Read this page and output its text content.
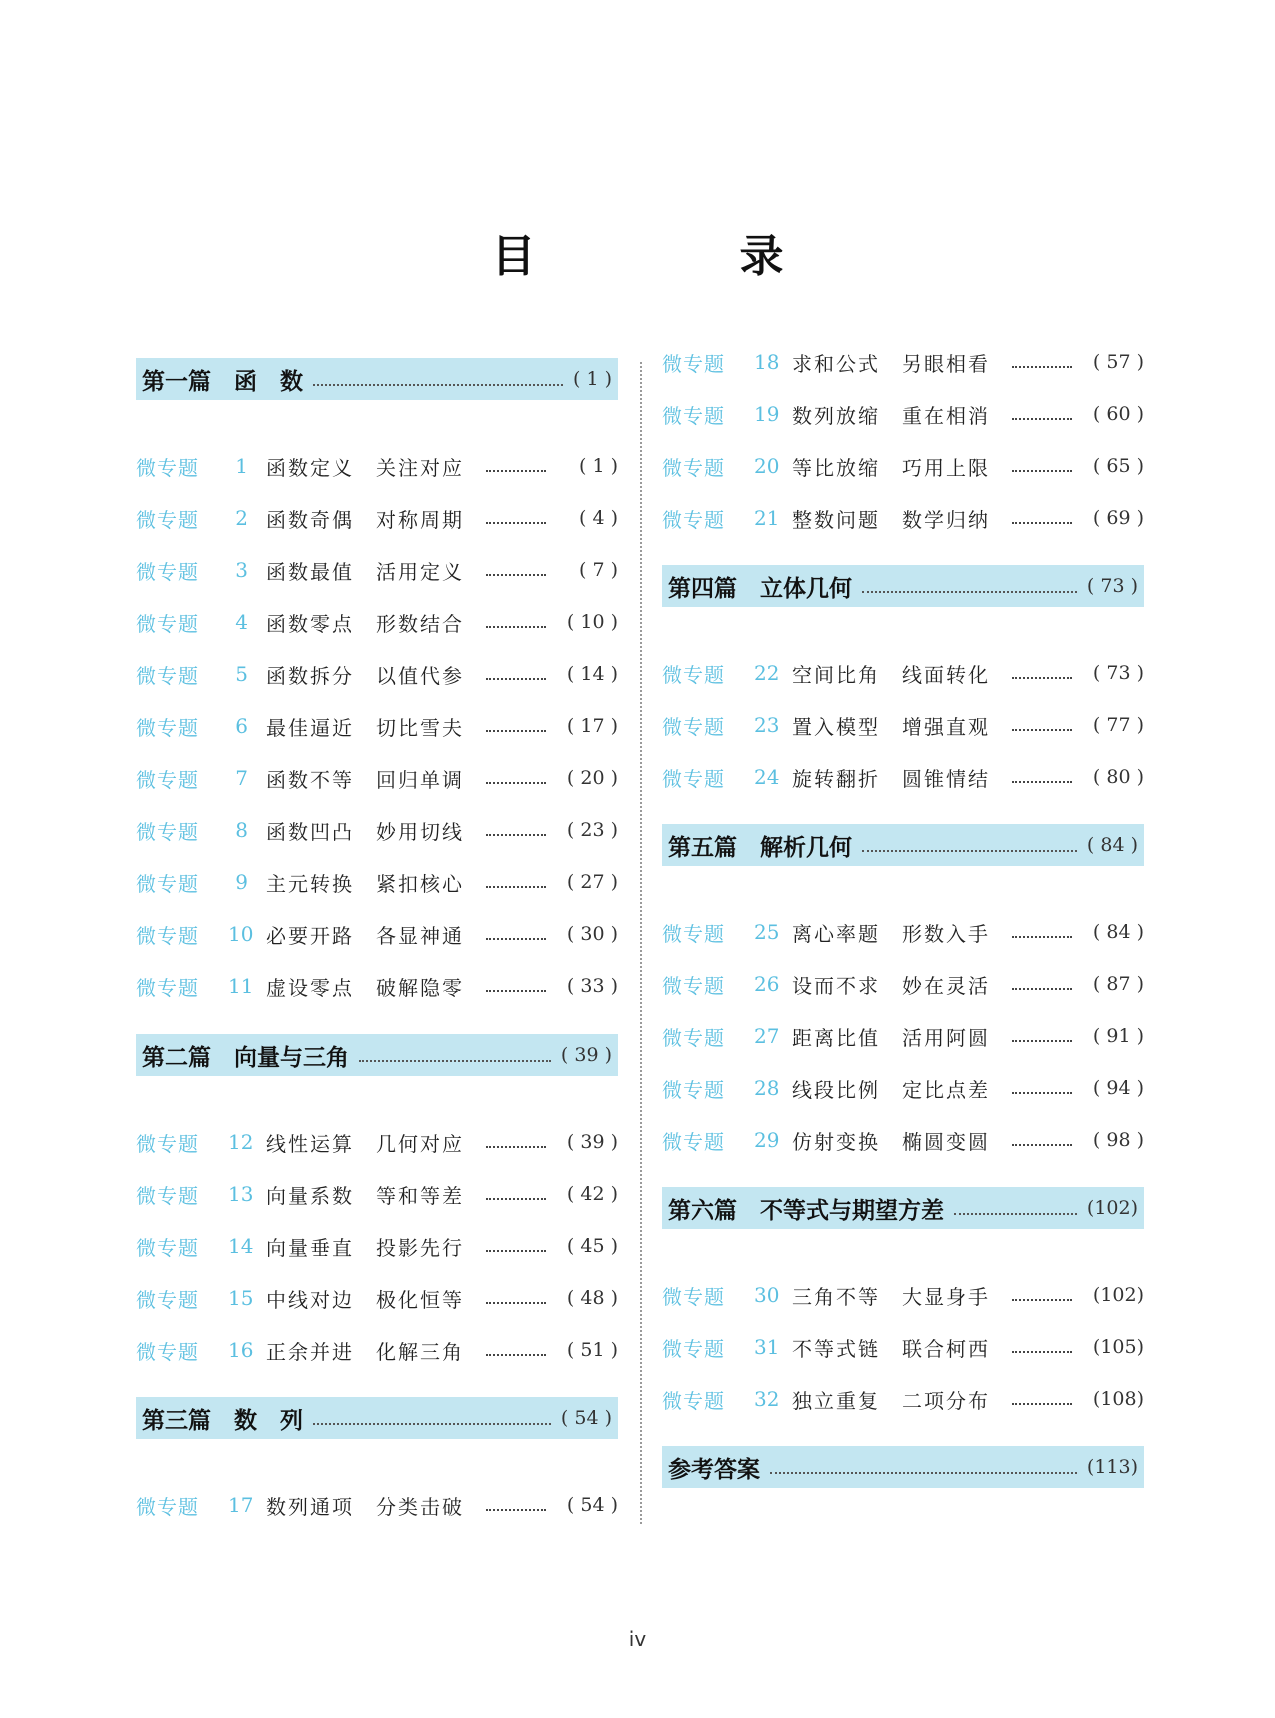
目　录
第一篇　函　数	( 1 )
微专题	1 函数定义	关注对应	( 1 )
微专题	2 函数奇偶	对称周期	( 4 )
微专题	3 函数最值	活用定义	( 7 )
微专题	4 函数零点	形数结合	( 10 )
微专题	5 函数拆分	以值代参	( 14 )
微专题	6 最佳逼近	切比雪夫	( 17 )
微专题	7 函数不等	回归单调	( 20 )
微专题	8 函数凹凸	妙用切线	( 23 )
微专题	9 主元转换	紧扣核心	( 27 )
微专题	10 必要开路	各显神通	( 30 )
微专题	11 虚设零点	破解隐零	( 33 )
第二篇　向量与三角	( 39 )
微专题	12 线性运算	几何对应	( 39 )
微专题	13 向量系数	等和等差	( 42 )
微专题	14 向量垂直	投影先行	( 45 )
微专题	15 中线对边	极化恒等	( 48 )
微专题	16 正余并进	化解三角	( 51 )
第三篇　数　列	( 54 )
微专题	17 数列通项	分类击破	( 54 )
微专题	18 求和公式	另眼相看	( 57 )
微专题	19 数列放缩	重在相消	( 60 )
微专题	20 等比放缩	巧用上限	( 65 )
微专题	21 整数问题	数学归纳	( 69 )
第四篇　立体几何	( 73 )
微专题	22 空间比角	线面转化	( 73 )
微专题	23 置入模型	增强直观	( 77 )
微专题	24 旋转翻折	圆锥情结	( 80 )
第五篇　解析几何	( 84 )
微专题	25 离心率题	形数入手	( 84 )
微专题	26 设而不求	妙在灵活	( 87 )
微专题	27 距离比值	活用阿圆	( 91 )
微专题	28 线段比例	定比点差	( 94 )
微专题	29 仿射变换	椭圆变圆	( 98 )
第六篇　不等式与期望方差	(102)
微专题	30 三角不等	大显身手	(102)
微专题	31 不等式链	联合柯西	(105)
微专题	32 独立重复	二项分布	(108)
参考答案	(113)
iv
